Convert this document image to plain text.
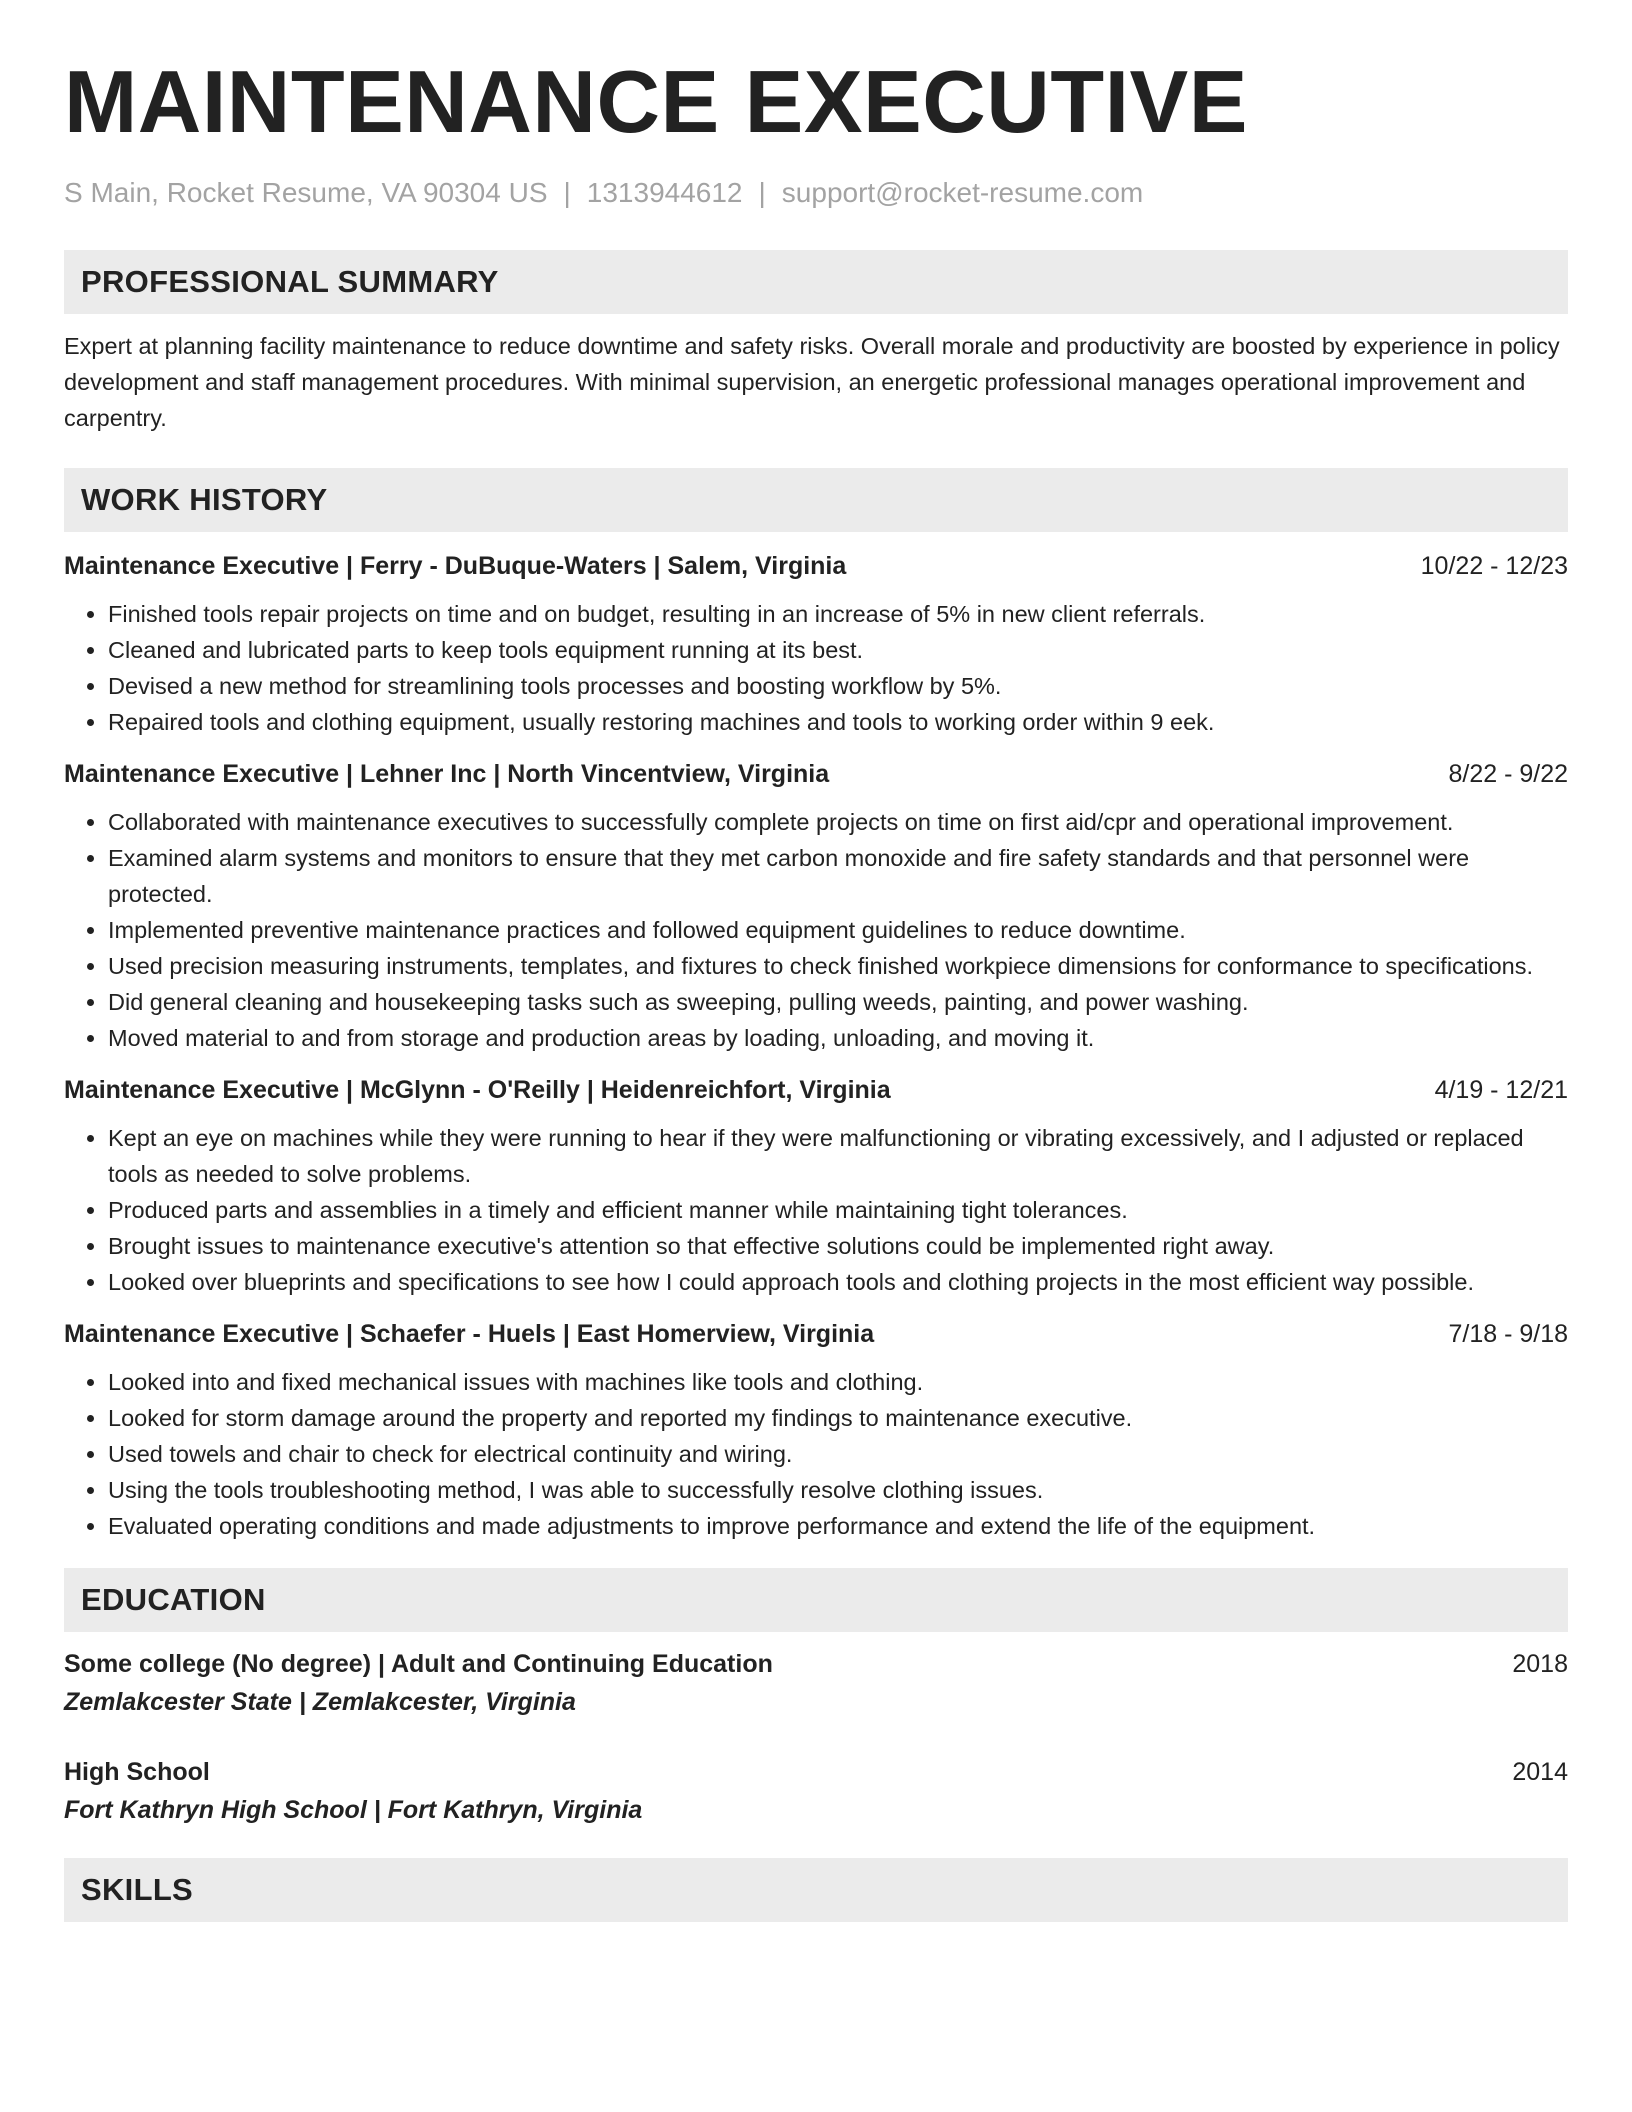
MAINTENANCE EXECUTIVE
S Main, Rocket Resume, VA 90304 US | 1313944612 | support@rocket-resume.com
PROFESSIONAL SUMMARY

Expert at planning facility maintenance to reduce downtime and safety risks. Overall morale and productivity are boosted by experience in policy development and staff management procedures. With minimal supervision, an energetic professional manages operational improvement and carpentry.

WORK HISTORY
Maintenance Executive | Ferry - DuBuque-Waters | Salem, Virginia	10/22 - 12/23
• Finished tools repair projects on time and on budget, resulting in an increase of 5% in new client referrals.
• Cleaned and lubricated parts to keep tools equipment running at its best.
• Devised a new method for streamlining tools processes and boosting workflow by 5%.
• Repaired tools and clothing equipment, usually restoring machines and tools to working order within 9 eek.
Maintenance Executive | Lehner Inc | North Vincentview, Virginia	8/22 - 9/22
• Collaborated with maintenance executives to successfully complete projects on time on first aid/cpr and operational improvement.
• Examined alarm systems and monitors to ensure that they met carbon monoxide and fire safety standards and that personnel were protected.
• Implemented preventive maintenance practices and followed equipment guidelines to reduce downtime.
• Used precision measuring instruments, templates, and fixtures to check finished workpiece dimensions for conformance to specifications.
• Did general cleaning and housekeeping tasks such as sweeping, pulling weeds, painting, and power washing.
• Moved material to and from storage and production areas by loading, unloading, and moving it.
Maintenance Executive | McGlynn - O'Reilly | Heidenreichfort, Virginia	4/19 - 12/21
• Kept an eye on machines while they were running to hear if they were malfunctioning or vibrating excessively, and I adjusted or replaced tools as needed to solve problems.
• Produced parts and assemblies in a timely and efficient manner while maintaining tight tolerances.
• Brought issues to maintenance executive's attention so that effective solutions could be implemented right away.
• Looked over blueprints and specifications to see how I could approach tools and clothing projects in the most efficient way possible.
Maintenance Executive | Schaefer - Huels | East Homerview, Virginia	7/18 - 9/18
• Looked into and fixed mechanical issues with machines like tools and clothing.
• Looked for storm damage around the property and reported my findings to maintenance executive.
• Used towels and chair to check for electrical continuity and wiring.
• Using the tools troubleshooting method, I was able to successfully resolve clothing issues.
• Evaluated operating conditions and made adjustments to improve performance and extend the life of the equipment.
EDUCATION
Some college (No degree) | Adult and Continuing Education	2018
Zemlakcester State | Zemlakcester, Virginia
High School	2014
Fort Kathryn High School | Fort Kathryn, Virginia
SKILLS
